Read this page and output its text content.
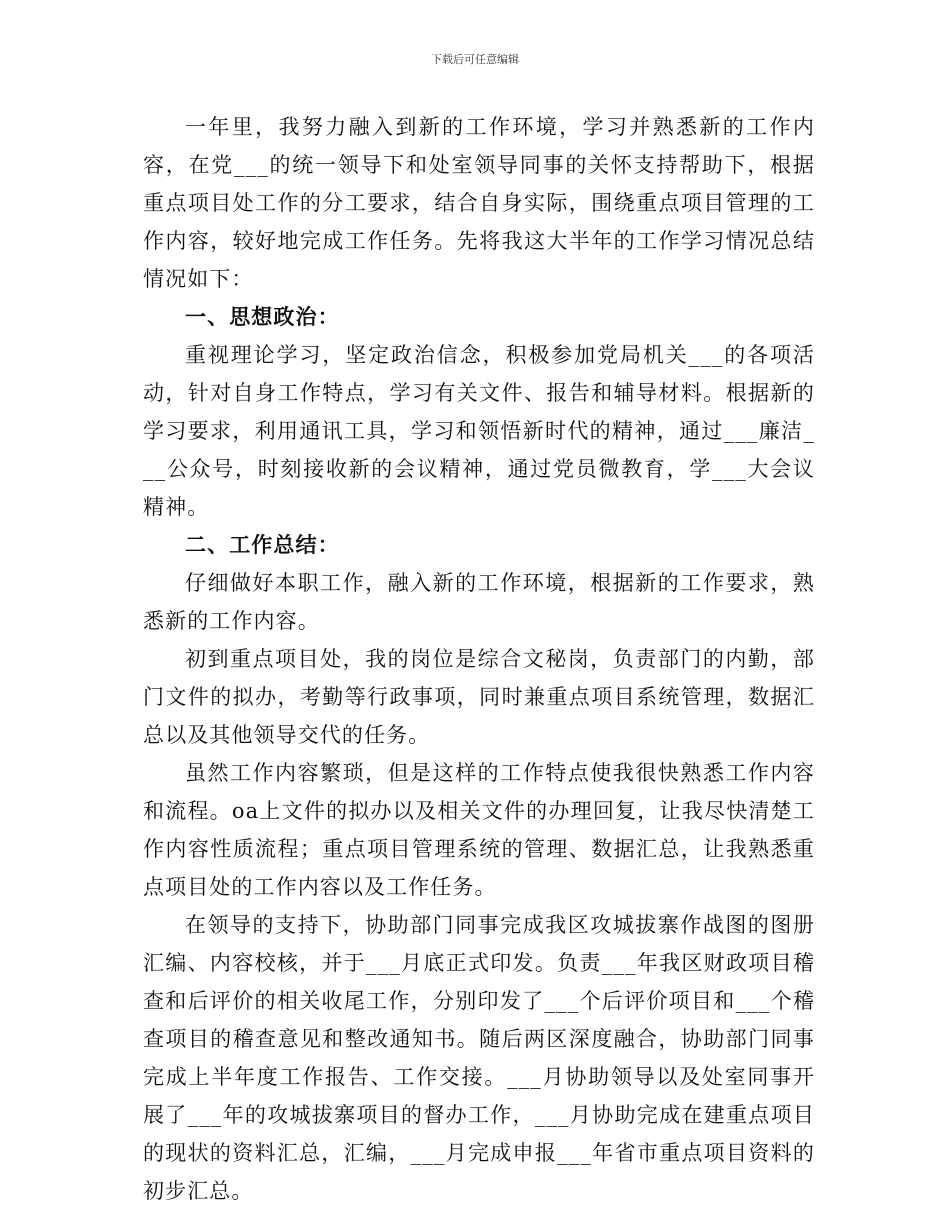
下载后可任意编辑

一年里，我努力融入到新的工作环境，学习并熟悉新的工作内容，在党___的统一领导下和处室领导同事的关怀支持帮助下，根据重点项目处工作的分工要求，结合自身实际，围绕重点项目管理的工作内容，较好地完成工作任务。先将我这大半年的工作学习情况总结情况如下：

一、思想政治：

重视理论学习，坚定政治信念，积极参加党局机关___的各项活动，针对自身工作特点，学习有关文件、报告和辅导材料。根据新的学习要求，利用通讯工具，学习和领悟新时代的精神，通过___廉洁___公众号，时刻接收新的会议精神，通过党员微教育，学___大会议精神。

二、工作总结：

仔细做好本职工作，融入新的工作环境，根据新的工作要求，熟悉新的工作内容。

初到重点项目处，我的岗位是综合文秘岗，负责部门的内勤，部门文件的拟办，考勤等行政事项，同时兼重点项目系统管理，数据汇总以及其他领导交代的任务。

虽然工作内容繁琐，但是这样的工作特点使我很快熟悉工作内容和流程。oa上文件的拟办以及相关文件的办理回复，让我尽快清楚工作内容性质流程；重点项目管理系统的管理、数据汇总，让我熟悉重点项目处的工作内容以及工作任务。

在领导的支持下，协助部门同事完成我区攻城拔寨作战图的图册汇编、内容校核，并于___月底正式印发。负责___年我区财政项目稽查和后评价的相关收尾工作，分别印发了___个后评价项目和___个稽查项目的稽查意见和整改通知书。随后两区深度融合，协助部门同事完成上半年度工作报告、工作交接。___月协助领导以及处室同事开展了___年的攻城拔寨项目的督办工作，___月协助完成在建重点项目的现状的资料汇总，汇编，___月完成申报___年省市重点项目资料的初步汇总。
